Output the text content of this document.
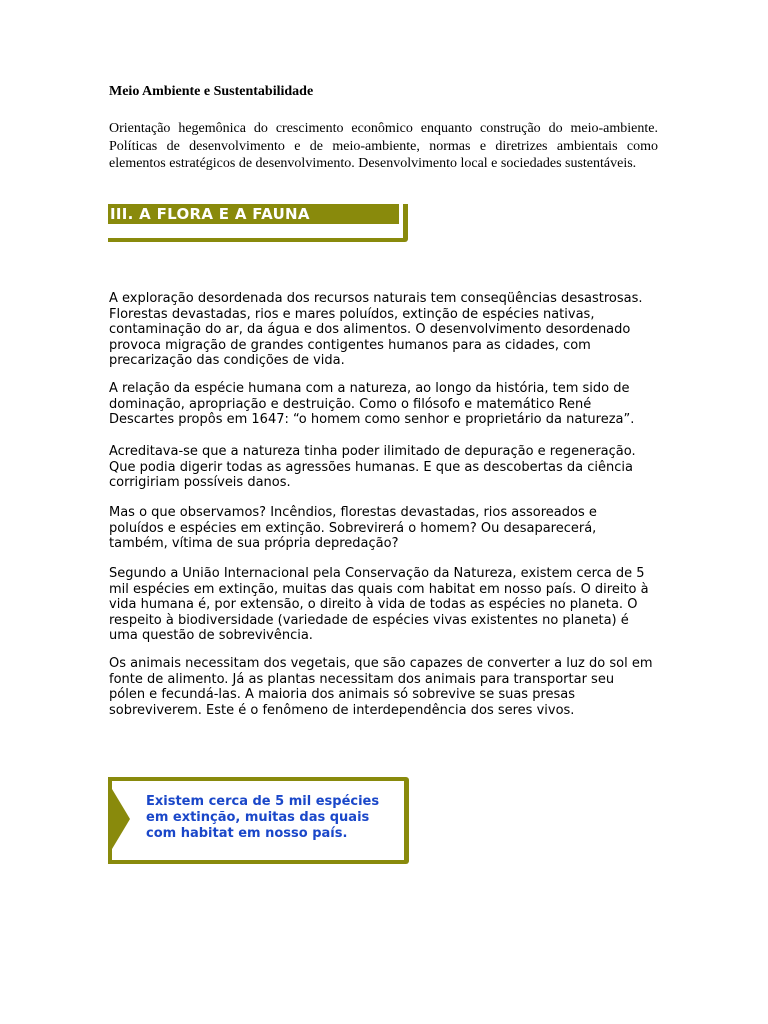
Meio Ambiente e Sustentabilidade

Orientação hegemônica do crescimento econômico enquanto construção do meio-ambiente. Políticas de desenvolvimento e de meio-ambiente, normas e diretrizes ambientais como elementos estratégicos de desenvolvimento. Desenvolvimento local e sociedades sustentáveis.

III. A FLORA E A FAUNA

A exploração desordenada dos recursos naturais tem conseqüências desastrosas. Florestas devastadas, rios e mares poluídos, extinção de espécies nativas, contaminação do ar, da água e dos alimentos. O desenvolvimento desordenado provoca migração de grandes contigentes humanos para as cidades, com precarização das condições de vida.

A relação da espécie humana com a natureza, ao longo da história, tem sido de dominação, apropriação e destruição. Como o filósofo e matemático René Descartes propôs em 1647: “o homem como senhor e proprietário da natureza”.

Acreditava-se que a natureza tinha poder ilimitado de depuração e regeneração. Que podia digerir todas as agressões humanas. E que as descobertas da ciência corrigiriam possíveis danos.

Mas o que observamos? Incêndios, florestas devastadas, rios assoreados e poluídos e espécies em extinção. Sobrevirerá o homem? Ou desaparecerá, também, vítima de sua própria depredação?

Segundo a União Internacional pela Conservação da Natureza, existem cerca de 5 mil espécies em extinção, muitas das quais com habitat em nosso país. O direito à vida humana é, por extensão, o direito à vida de todas as espécies no planeta. O respeito à biodiversidade (variedade de espécies vivas existentes no planeta) é uma questão de sobrevivência.

Os animais necessitam dos vegetais, que são capazes de converter a luz do sol em fonte de alimento. Já as plantas necessitam dos animais para transportar seu pólen e fecundá-las. A maioria dos animais só sobrevive se suas presas sobreviverem. Este é o fenômeno de interdependência dos seres vivos.

Existem cerca de 5 mil espécies em extinção, muitas das quais com habitat em nosso país.
